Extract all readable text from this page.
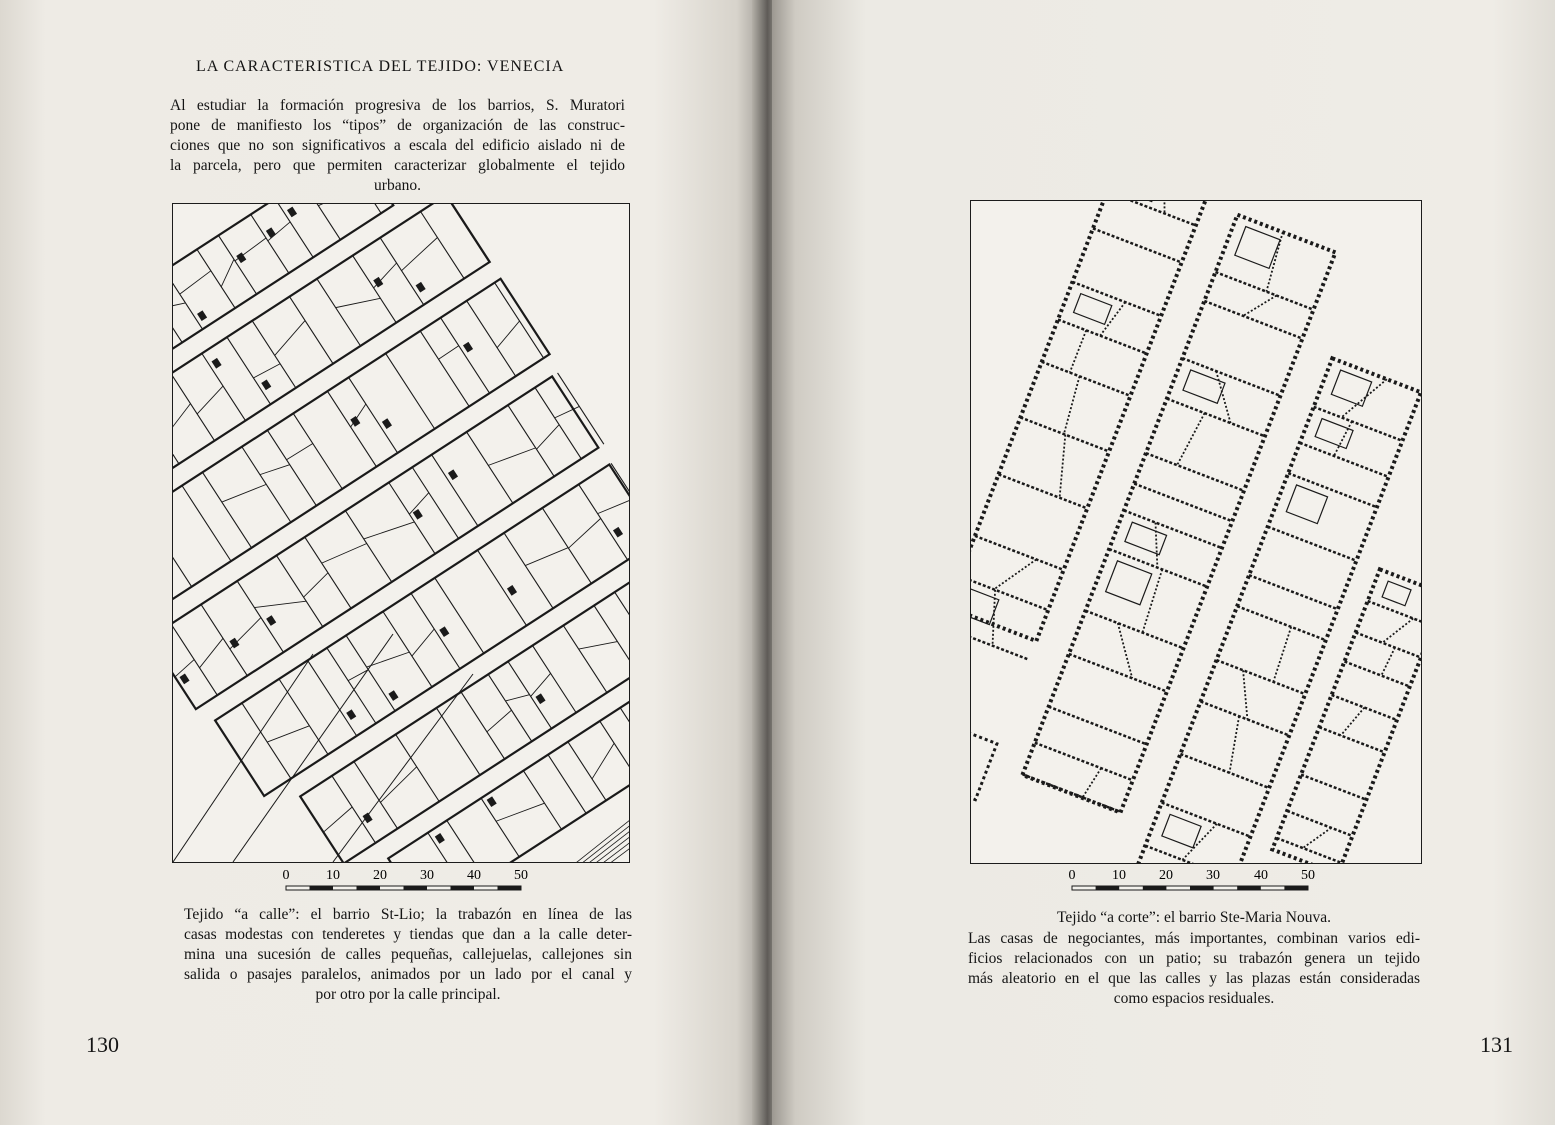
LA CARACTERISTICA DEL TEJIDO: VENECIA
Al estudiar la formación progresiva de los barrios, S. Muratori
pone de manifiesto los “tipos” de organización de las construc-
ciones que no son significativos a escala del edificio aislado ni de
la parcela, pero que permiten caracterizar globalmente el tejido
urbano.
0	10 20 30 40 50
Tejido “a calle”: el barrio St-Lio; la trabazón en línea de las
casas modestas con tenderetes y tiendas que dan a la calle deter-
mina una sucesión de calles pequeñas, callejuelas, callejones sin
salida o pasajes paralelos, animados por un lado por el canal y
por otro por la calle principal.
130
0	10 20 30 40 50
Tejido “a corte”: el barrio Ste-Maria Nouva.
Las casas de negociantes, más importantes, combinan varios edi-
ficios relacionados con un patio; su trabazón genera un tejido
más aleatorio en el que las calles y las plazas están consideradas
como espacios residuales.
131
